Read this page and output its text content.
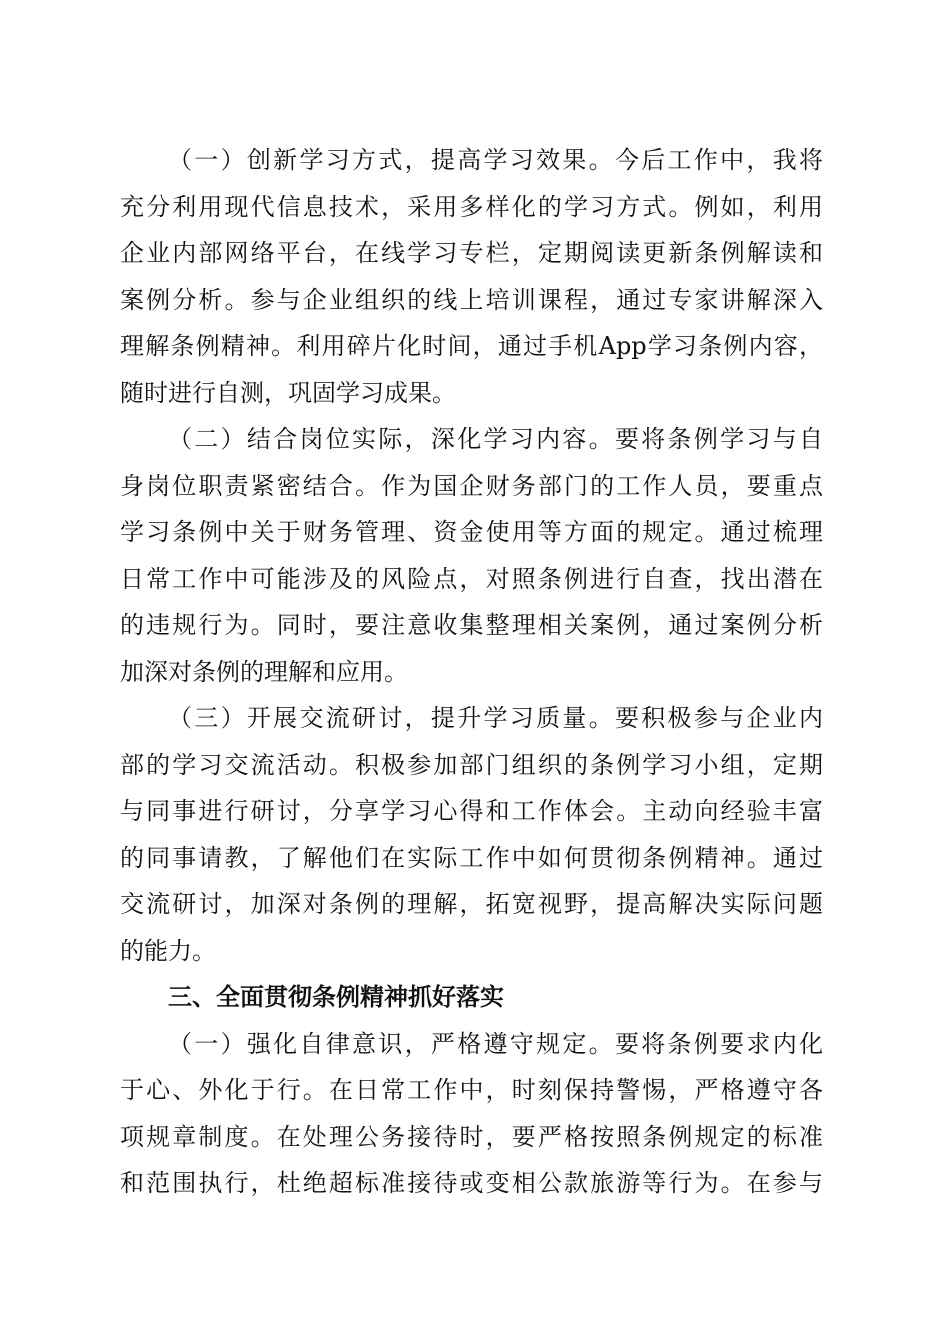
（一）创新学习方式，提高学习效果。今后工作中，我将
充分利用现代信息技术，采用多样化的学习方式。例如，利用
企业内部网络平台，在线学习专栏，定期阅读更新条例解读和
案例分析。参与企业组织的线上培训课程，通过专家讲解深入
理解条例精神。利用碎片化时间，通过手机App学习条例内容，
随时进行自测，巩固学习成果。
（二）结合岗位实际，深化学习内容。要将条例学习与自
身岗位职责紧密结合。作为国企财务部门的工作人员，要重点
学习条例中关于财务管理、资金使用等方面的规定。通过梳理
日常工作中可能涉及的风险点，对照条例进行自查，找出潜在
的违规行为。同时，要注意收集整理相关案例，通过案例分析
加深对条例的理解和应用。
（三）开展交流研讨，提升学习质量。要积极参与企业内
部的学习交流活动。积极参加部门组织的条例学习小组，定期
与同事进行研讨，分享学习心得和工作体会。主动向经验丰富
的同事请教，了解他们在实际工作中如何贯彻条例精神。通过
交流研讨，加深对条例的理解，拓宽视野，提高解决实际问题
的能力。
三、全面贯彻条例精神抓好落实
（一）强化自律意识，严格遵守规定。要将条例要求内化
于心、外化于行。在日常工作中，时刻保持警惕，严格遵守各
项规章制度。在处理公务接待时，要严格按照条例规定的标准
和范围执行，杜绝超标准接待或变相公款旅游等行为。在参与
